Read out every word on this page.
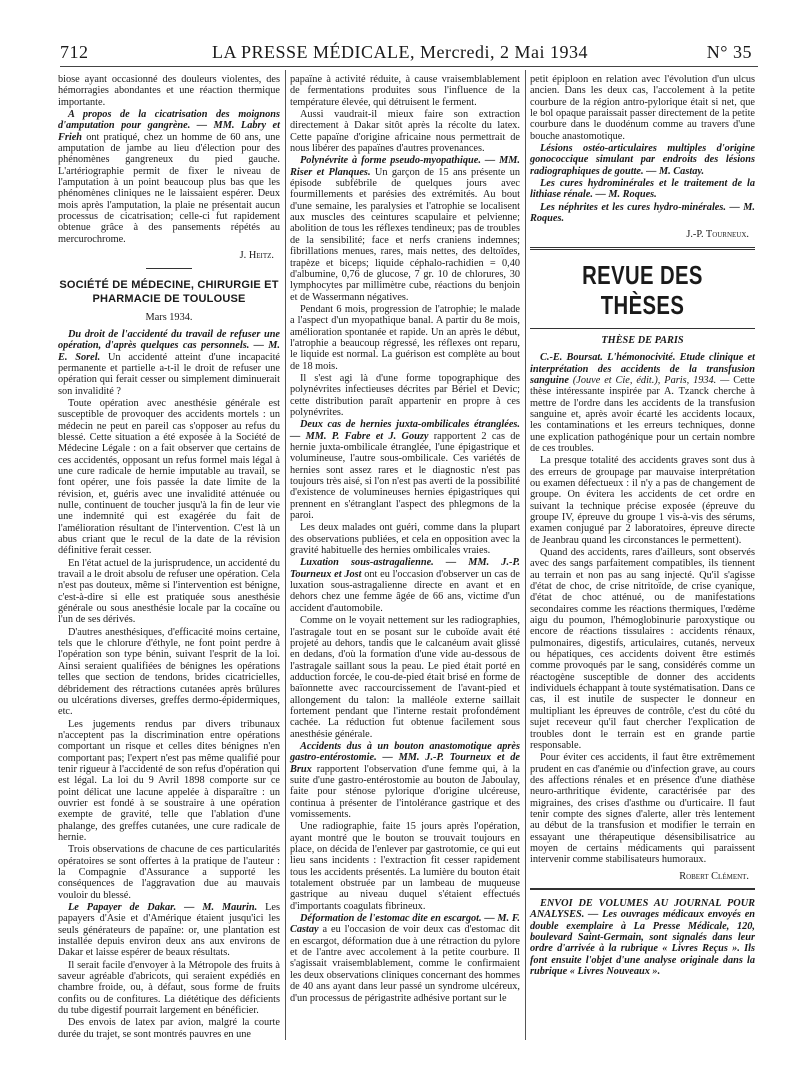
712	LA PRESSE MÉDICALE, Mercredi, 2 Mai 1934	N° 35

biose ayant occasionné des douleurs violentes, des hémorragies abondantes et une réaction thermique importante.

A propos de la cicatrisation des moignons d'amputation pour gangrène. — MM. Labry et Frieh ont pratiqué, chez un homme de 60 ans, une amputation de jambe au lieu d'élection pour des phénomènes gangreneux du pied gauche. L'artériographie permit de fixer le niveau de l'amputation à un point beaucoup plus bas que les phénomènes cliniques ne le laissaient espérer. Deux mois après l'amputation, la plaie ne présentait aucun processus de cicatrisation; celle-ci fut rapidement obtenue grâce à des pansements répétés au mercurochrome.

J. Heitz.
SOCIÉTÉ DE MÉDECINE, CHIRURGIE ET PHARMACIE DE TOULOUSE
Mars 1934.

Du droit de l'accidenté du travail de refuser une opération, d'après quelques cas personnels. — M. E. Sorel. Un accidenté atteint d'une incapacité permanente et partielle a-t-il le droit de refuser une opération qui ferait cesser ou simplement diminuerait son invalidité ?

Toute opération avec anesthésie générale est susceptible de provoquer des accidents mortels : un médecin ne peut en pareil cas s'opposer au refus du blessé. Cette situation a été exposée à la Société de Médecine Légale : on a fait observer que certains de ces accidentés, opposant un refus formel mais légal à une cure radicale de hernie imputable au travail, se font opérer, une fois passée la date limite de la révision, et, guéris avec une invalidité atténuée ou nulle, continuent de toucher jusqu'à la fin de leur vie une indemnité qui est exagérée du fait de l'amélioration résultant de l'intervention. C'est là un abus criant que le recul de la date de la révision définitive ferait cesser.

En l'état actuel de la jurisprudence, un accidenté du travail a le droit absolu de refuser une opération. Cela n'est pas douteux, même si l'intervention est bénigne, c'est-à-dire si elle est pratiquée sous anesthésie générale ou sous anesthésie locale par la cocaïne ou l'un de ses dérivés.

D'autres anesthésiques, d'efficacité moins certaine, tels que le chlorure d'éthyle, ne font point perdre à l'opération son type bénin, suivant l'esprit de la loi. Ainsi seraient qualifiées de bénignes les opérations telles que section de tendons, brides cicatricielles, débridement des rétractions cutanées après brûlures ou ulcérations diverses, greffes dermo-épidermiques, etc.

Les jugements rendus par divers tribunaux n'acceptent pas la discrimination entre opérations comportant un risque et celles dites bénignes n'en comportant pas; l'expert n'est pas même qualifié pour tenir rigueur à l'accidenté de son refus d'opération qui est légal. La loi du 9 Avril 1898 comporte sur ce point délicat une lacune appelée à disparaître : un ouvrier est fondé à se soustraire à une opération exempte de gravité, telle que l'ablation d'une phalange, des greffes cutanées, une cure radicale de hernie.

Trois observations de chacune de ces particularités opératoires se sont offertes à la pratique de l'auteur : la Compagnie d'Assurance a supporté les conséquences de l'aggravation due au mauvais vouloir du blessé.

Le Papayer de Dakar. — M. Maurin. Les papayers d'Asie et d'Amérique étaient jusqu'ici les seuls générateurs de papaïne: or, une plantation est installée depuis environ deux ans aux environs de Dakar et laisse espérer de beaux résultats.

Il serait facile d'envoyer à la Métropole des fruits à saveur agréable d'abricots, qui seraient expédiés en chambre froide, ou, à défaut, sous forme de fruits confits ou de confitures. La diététique des déficients du tube digestif pourrait largement en bénéficier.

Des envois de latex par avion, malgré la courte durée du trajet, se sont montrés pauvres en une

papaïne à activité réduite, à cause vraisemblablement de fermentations produites sous l'influence de la température élevée, qui détruisent le ferment.

Aussi vaudrait-il mieux faire son extraction directement à Dakar sitôt après la récolte du latex. Cette papaïne d'origine africaine nous permettrait de nous libérer des papaïnes d'autres provenances.

Polynévrite à forme pseudo-myopathique. — MM. Riser et Planques. Un garçon de 15 ans présente un épisode subfébrile de quelques jours avec fourmillements et parésies des extrémités. Au bout d'une semaine, les paralysies et l'atrophie se localisent aux muscles des ceintures scapulaire et pelvienne; abolition de tous les réflexes tendineux; pas de troubles de la sensibilité; face et nerfs craniens indemnes; fibrillations menues, rares, mais nettes, des deltoïdes, trapèze et biceps; liquide céphalo-rachidien = 0,40 d'albumine, 0,76 de glucose, 7 gr. 10 de chlorures, 30 lymphocytes par millimètre cube, réactions du benjoin et de Wassermann négatives.

Pendant 6 mois, progression de l'atrophie; le malade a l'aspect d'un myopathique banal. A partir du 8e mois, amélioration spontanée et rapide. Un an après le début, l'atrophie a beaucoup régressé, les réflexes ont reparu, le liquide est normal. La guérison est complète au bout de 18 mois.

Il s'est agi là d'une forme topographique des polynévrites infectieuses décrites par Bériel et Devic; cette distribution paraît appartenir en propre à ces polynévrites.

Deux cas de hernies juxta-ombilicales étranglées. — MM. P. Fabre et J. Gouzy rapportent 2 cas de hernie juxta-ombilicale étranglée, l'une épigastrique et volumineuse, l'autre sous-ombilicale. Ces variétés de hernies sont assez rares et le diagnostic n'est pas toujours très aisé, si l'on n'est pas averti de la possibilité d'existence de volumineuses hernies épigastriques qui prennent en s'étranglant l'aspect des phlegmons de la paroi.

Les deux malades ont guéri, comme dans la plupart des observations publiées, et cela en opposition avec la gravité habituelle des hernies ombilicales vraies.

Luxation sous-astragalienne. — MM. J.-P. Tourneux et Jost ont eu l'occasion d'observer un cas de luxation sous-astragalienne directe en avant et en dehors chez une femme âgée de 66 ans, victime d'un accident d'automobile.

Comme on le voyait nettement sur les radiographies, l'astragale tout en se posant sur le cuboïde avait été projeté au dehors, tandis que le calcanéum avait glissé en dedans, d'où la formation d'une vide au-dessous de l'astragale saillant sous la peau. Le pied était porté en adduction forcée, le cou-de-pied était brisé en forme de baïonnette avec raccourcissement de l'avant-pied et allongement du talon: la malléole externe saillait fortement pendant que l'interne restait profondément cachée. La réduction fut obtenue facilement sous anesthésie générale.

Accidents dus à un bouton anastomotique après gastro-entérostomie. — MM. J.-P. Tourneux et de Brux rapportent l'observation d'une femme qui, à la suite d'une gastro-entérostomie au bouton de Jaboulay, faite pour sténose pylorique d'origine ulcéreuse, continua à présenter de l'intolérance gastrique et des vomissements.

Une radiographie, faite 15 jours après l'opération, ayant montré que le bouton se trouvait toujours en place, on décida de l'enlever par gastrotomie, ce qui eut lieu sans incidents : l'extraction fit cesser rapidement tous les accidents présentés. La lumière du bouton était totalement obstruée par un lambeau de muqueuse gastrique au niveau duquel s'étaient effectués d'importants coagulats fibrineux.

Déformation de l'estomac dite en escargot. — M. F. Castay a eu l'occasion de voir deux cas d'estomac dit en escargot, déformation due à une rétraction du pylore et de l'antre avec accolement à la petite courbure. Il s'agissait vraisemblablement, comme le confirmaient les deux observations cliniques concernant des hommes de 40 ans ayant dans leur passé un syndrome ulcéreux, d'un processus de périgastrite adhésive portant sur le

petit épiploon en relation avec l'évolution d'un ulcus ancien. Dans les deux cas, l'accolement à la petite courbure de la région antro-pylorique était si net, que le bol opaque paraissait passer directement de la petite courbure dans le duodénum comme au travers d'une bouche anastomotique.

Lésions ostéo-articulaires multiples d'origine gonococcique simulant par endroits des lésions radiographiques de goutte. — M. Castay.

Les cures hydrominérales et le traitement de la lithiase rénale. — M. Roques.

Les néphrites et les cures hydro-minérales. — M. Roques.

J.-P. Tourneux.
REVUE DES THÈSES
THÈSE DE PARIS

C.-E. Boursat. L'hémonocivité. Etude clinique et interprétation des accidents de la transfusion sanguine (Jouve et Cie, édit.), Paris, 1934. — Cette thèse intéressante inspirée par A. Tzanck cherche à mettre de l'ordre dans les accidents de la transfusion sanguine et, après avoir écarté les accidents locaux, les contaminations et les erreurs techniques, donne une explication pathogénique pour un certain nombre de ces troubles.

La presque totalité des accidents graves sont dus à des erreurs de groupage par mauvaise interprétation ou examen défectueux : il n'y a pas de changement de groupe. On évitera les accidents de cet ordre en suivant la technique précise exposée (épreuve du groupe IV, épreuve du groupe 1 vis-à-vis des sérums, examen conjugué par 2 laboratoires, épreuve directe de Jeanbrau quand les circonstances le permettent).

Quand des accidents, rares d'ailleurs, sont observés avec des sangs parfaitement compatibles, ils tiennent au terrain et non pas au sang injecté. Qu'il s'agisse d'état de choc, de crise nitritoïde, de crise cyanique, d'état de choc atténué, ou de manifestations secondaires comme les réactions thermiques, l'œdème aigu du poumon, l'hémoglobinurie paroxystique ou encore de réactions tissulaires : accidents rénaux, pulmonaires, digestifs, articulaires, cutanés, nerveux ou hépatiques, ces accidents doivent être estimés comme provoqués par le sang, considérés comme un réactogène susceptible de donner des accidents individuels échappant à toute systématisation. Dans ce cas, il est inutile de suspecter le donneur en multipliant les épreuves de contrôle, c'est du côté du sujet receveur qu'il faut chercher l'explication de troubles dont le terrain est en grande partie responsable.

Pour éviter ces accidents, il faut être extrêmement prudent en cas d'anémie ou d'infection grave, au cours des affections rénales et en présence d'une diathèse neuro-arthritique évidente, caractérisée par des migraines, des crises d'asthme ou d'urticaire. Il faut tenir compte des signes d'alerte, aller très lentement au début de la transfusion et modifier le terrain en essayant une thérapeutique désensibilisatrice au moyen de certains médicaments qui paraissent intervenir comme stabilisateurs humoraux.

Robert Clément.

ENVOI DE VOLUMES AU JOURNAL POUR ANALYSES. — Les ouvrages médicaux envoyés en double exemplaire à La Presse Médicale, 120, boulevard Saint-Germain, sont signalés dans leur ordre d'arrivée à la rubrique « Livres Reçus ». Ils font ensuite l'objet d'une analyse originale dans la rubrique « Livres Nouveaux ».
